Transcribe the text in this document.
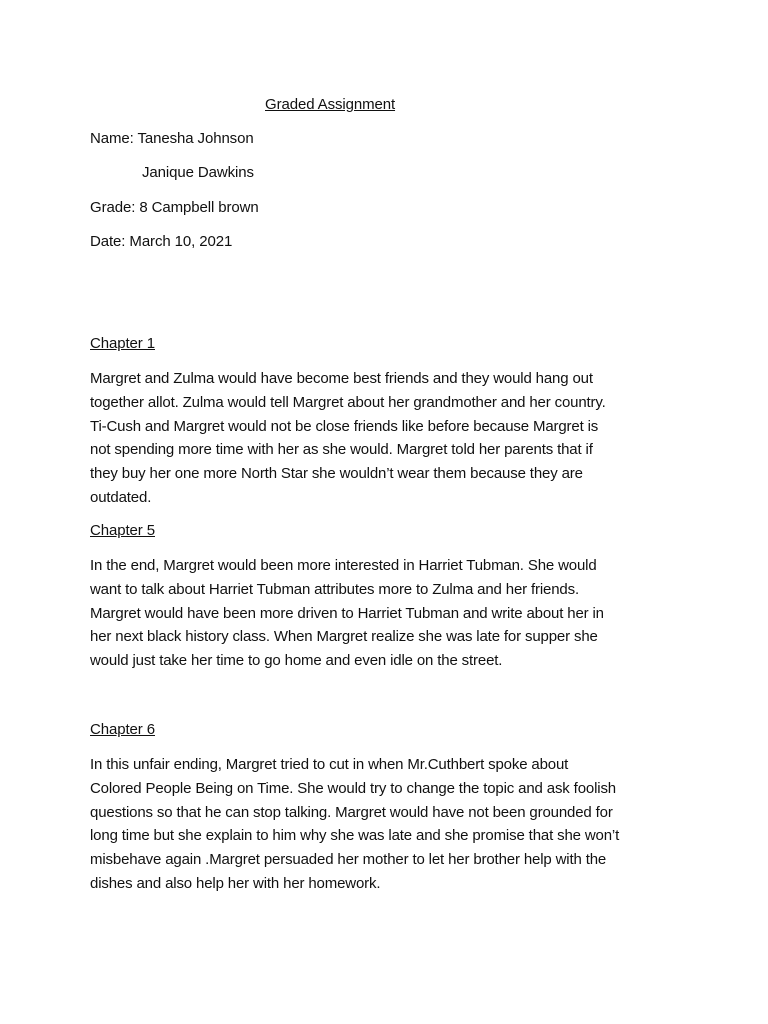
Graded Assignment
Name: Tanesha Johnson
Janique Dawkins
Grade: 8 Campbell brown
Date: March 10, 2021
Chapter 1
Margret and Zulma would have become best friends and they would hang out
together allot. Zulma would tell Margret about her grandmother and her country.
Ti-Cush and Margret would not be close friends like before because Margret is
not spending more time with her as she would. Margret told her parents that if
they buy her one more North Star she wouldn’t wear them because they are
outdated.
Chapter 5
In the end, Margret would been more interested in Harriet Tubman. She would
want to talk about Harriet Tubman attributes more to Zulma and her friends.
Margret would have been more driven to Harriet Tubman and write about her in
her next black history class. When Margret realize she was late for supper she
would just take her time to go home and even idle on the street.
Chapter 6
In this unfair ending, Margret tried to cut in when Mr.Cuthbert spoke about
Colored People Being on Time. She would try to change the topic and ask foolish
questions so that he can stop talking. Margret would have not been grounded for
long time but she explain to him why she was late and she promise that she won’t
misbehave again .Margret persuaded her mother to let her brother help with the
dishes and also help her with her homework.
